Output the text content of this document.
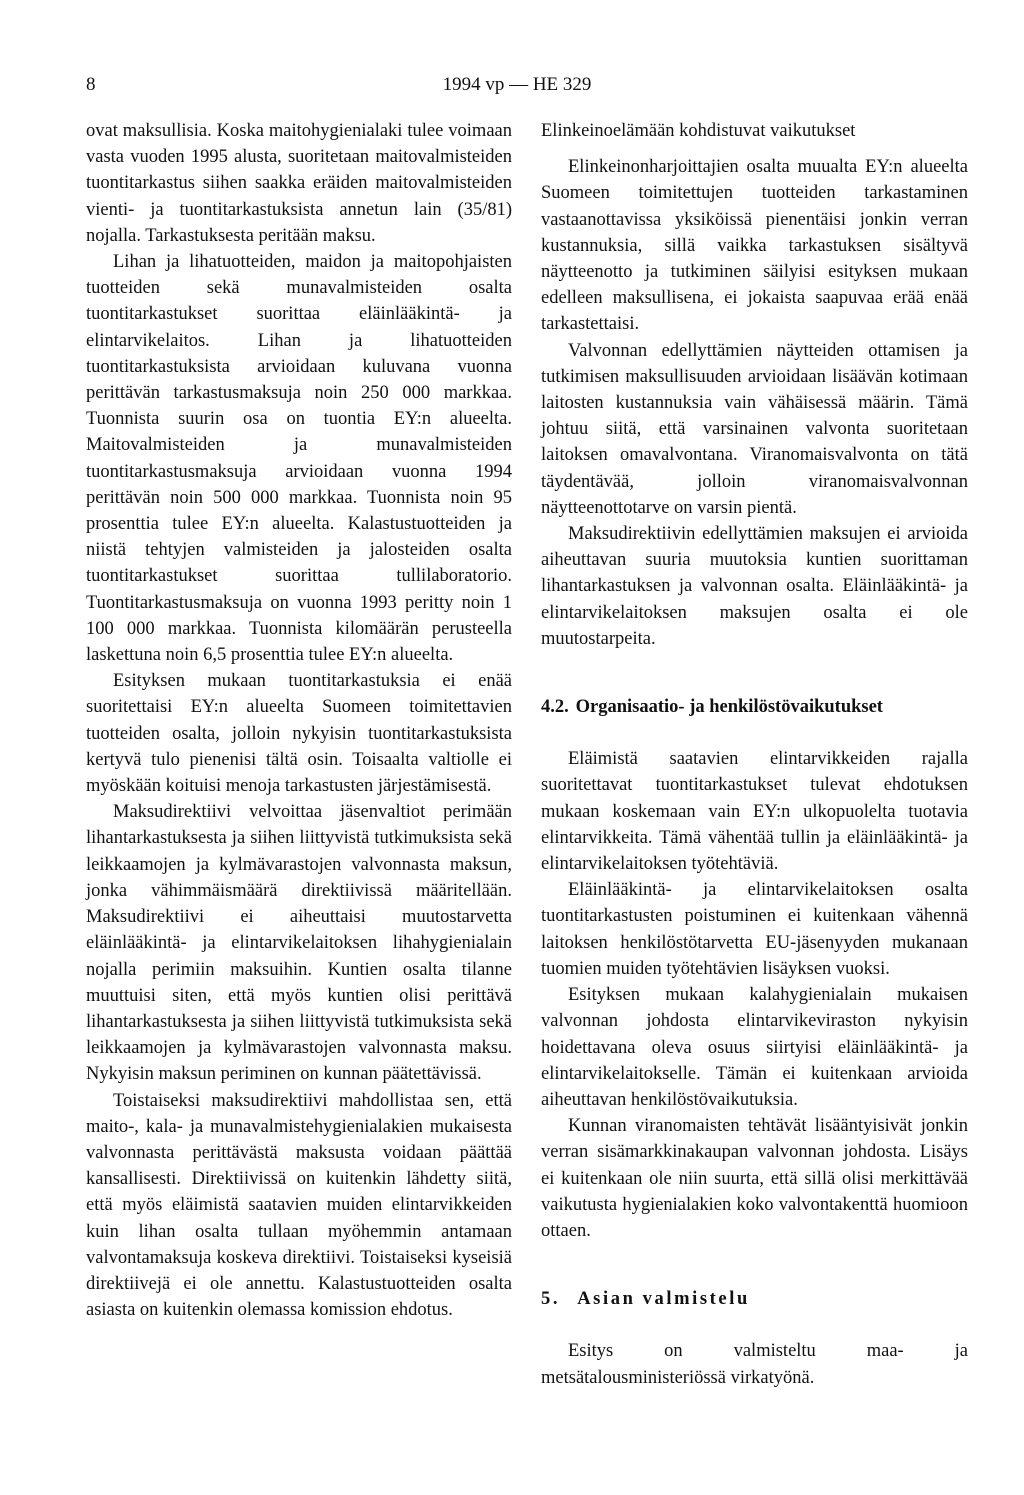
8	1994 vp — HE 329

ovat maksullisia. Koska maitohygienialaki tulee voimaan vasta vuoden 1995 alusta, suoritetaan maitovalmisteiden tuontitarkastus siihen saakka eräiden maitovalmisteiden vienti- ja tuontitarkastuksista annetun lain (35/81) nojalla. Tarkastuksesta peritään maksu.

Lihan ja lihatuotteiden, maidon ja maitopohjaisten tuotteiden sekä munavalmisteiden osalta tuontitarkastukset suorittaa eläinlääkintä- ja elintarvikelaitos. Lihan ja lihatuotteiden tuontitarkastuksista arvioidaan kuluvana vuonna perittävän tarkastusmaksuja noin 250 000 markkaa. Tuonnista suurin osa on tuontia EY:n alueelta. Maitovalmisteiden ja munavalmisteiden tuontitarkastusmaksuja arvioidaan vuonna 1994 perittävän noin 500 000 markkaa. Tuonnista noin 95 prosenttia tulee EY:n alueelta. Kalastustuotteiden ja niistä tehtyjen valmisteiden ja jalosteiden osalta tuontitarkastukset suorittaa tullilaboratorio. Tuontitarkastusmaksuja on vuonna 1993 peritty noin 1 100 000 markkaa. Tuonnista kilomäärän perusteella laskettuna noin 6,5 prosenttia tulee EY:n alueelta.

Esityksen mukaan tuontitarkastuksia ei enää suoritettaisi EY:n alueelta Suomeen toimitettavien tuotteiden osalta, jolloin nykyisin tuontitarkastuksista kertyvä tulo pienenisi tältä osin. Toisaalta valtiolle ei myöskään koituisi menoja tarkastusten järjestämisestä.

Maksudirektiivi velvoittaa jäsenvaltiot perimään lihantarkastuksesta ja siihen liittyvistä tutkimuksista sekä leikkaamojen ja kylmävarastojen valvonnasta maksun, jonka vähimmäismäärä direktiivissä määritellään. Maksudirektiivi ei aiheuttaisi muutostarvetta eläinlääkintä- ja elintarvikelaitoksen lihahygienialain nojalla perimiin maksuihin. Kuntien osalta tilanne muuttuisi siten, että myös kuntien olisi perittävä lihantarkastuksesta ja siihen liittyvistä tutkimuksista sekä leikkaamojen ja kylmävarastojen valvonnasta maksu. Nykyisin maksun periminen on kunnan päätettävissä.

Toistaiseksi maksudirektiivi mahdollistaa sen, että maito-, kala- ja munavalmistehygienialakien mukaisesta valvonnasta perittävästä maksusta voidaan päättää kansallisesti. Direktiivissä on kuitenkin lähdetty siitä, että myös eläimistä saatavien muiden elintarvikkeiden kuin lihan osalta tullaan myöhemmin antamaan valvontamaksuja koskeva direktiivi. Toistaiseksi kyseisiä direktiivejä ei ole annettu. Kalastustuotteiden osalta asiasta on kuitenkin olemassa komission ehdotus.

Elinkeinoelämään kohdistuvat vaikutukset

Elinkeinonharjoittajien osalta muualta EY:n alueelta Suomeen toimitettujen tuotteiden tarkastaminen vastaanottavissa yksiköissä pienentäisi jonkin verran kustannuksia, sillä vaikka tarkastuksen sisältyvä näytteenotto ja tutkiminen säilyisi esityksen mukaan edelleen maksullisena, ei jokaista saapuvaa erää enää tarkastettaisi.

Valvonnan edellyttämien näytteiden ottamisen ja tutkimisen maksullisuuden arvioidaan lisäävän kotimaan laitosten kustannuksia vain vähäisessä määrin. Tämä johtuu siitä, että varsinainen valvonta suoritetaan laitoksen omavalvontana. Viranomaisvalvonta on tätä täydentävää, jolloin viranomaisvalvonnan näytteenottotarve on varsin pientä.

Maksudirektiivin edellyttämien maksujen ei arvioida aiheuttavan suuria muutoksia kuntien suorittaman lihantarkastuksen ja valvonnan osalta. Eläinlääkintä- ja elintarvikelaitoksen maksujen osalta ei ole muutostarpeita.

4.2. Organisaatio- ja henkilöstövaikutukset

Eläimistä saatavien elintarvikkeiden rajalla suoritettavat tuontitarkastukset tulevat ehdotuksen mukaan koskemaan vain EY:n ulkopuolelta tuotavia elintarvikkeita. Tämä vähentää tullin ja eläinlääkintä- ja elintarvikelaitoksen työtehtäviä.

Eläinlääkintä- ja elintarvikelaitoksen osalta tuontitarkastusten poistuminen ei kuitenkaan vähennä laitoksen henkilöstötarvetta EU-jäsenyyden mukanaan tuomien muiden työtehtävien lisäyksen vuoksi.

Esityksen mukaan kalahygienialain mukaisen valvonnan johdosta elintarvikeviraston nykyisin hoidettavana oleva osuus siirtyisi eläinlääkintä- ja elintarvikelaitokselle. Tämän ei kuitenkaan arvioida aiheuttavan henkilöstövaikutuksia.

Kunnan viranomaisten tehtävät lisääntyisivät jonkin verran sisämarkkinakaupan valvonnan johdosta. Lisäys ei kuitenkaan ole niin suurta, että sillä olisi merkittävää vaikutusta hygienialakien koko valvontakenttä huomioon ottaen.

5. Asian valmistelu

Esitys on valmisteltu maa- ja metsätalousministeriössä virkatyönä.
